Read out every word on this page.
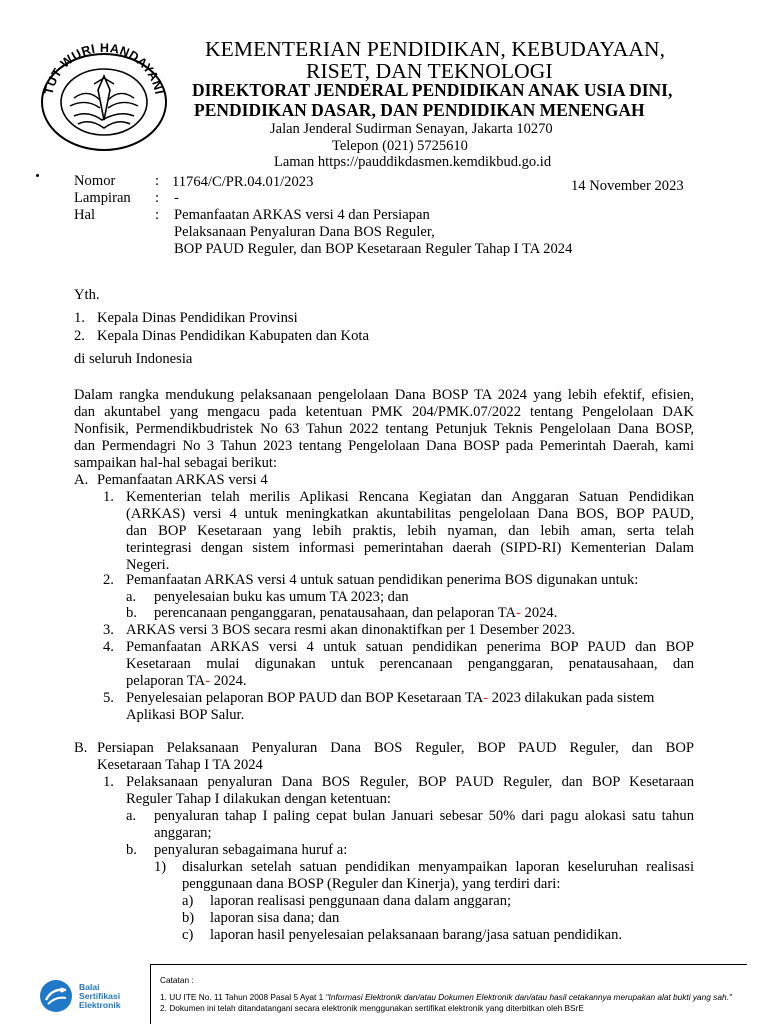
TUT WURI HANDAYANI
KEMENTERIAN PENDIDIKAN, KEBUDAYAAN,
RISET, DAN TEKNOLOGI
DIREKTORAT JENDERAL PENDIDIKAN ANAK USIA DINI,
PENDIDIKAN DASAR, DAN PENDIDIKAN MENENGAH
Jalan Jenderal Sudirman Senayan, Jakarta 10270
Telepon (021) 5725610
Laman https://pauddikdasmen.kemdikbud.go.id
Nomor	: 11764/C/PR.04.01/2023	14 November 2023
Lampiran : -
Hal	: Pemanfaatan ARKAS versi 4 dan Persiapan
Pelaksanaan Penyaluran Dana BOS Reguler,
BOP PAUD Reguler, dan BOP Kesetaraan Reguler Tahap I TA 2024
Yth.
1. Kepala Dinas Pendidikan Provinsi
2. Kepala Dinas Pendidikan Kabupaten dan Kota
di seluruh Indonesia
Dalam rangka mendukung pelaksanaan pengelolaan Dana BOSP TA 2024 yang lebih efektif, efisien,
dan akuntabel yang mengacu pada ketentuan PMK 204/PMK.07/2022 tentang Pengelolaan DAK
Nonfisik, Permendikbudristek No 63 Tahun 2022 tentang Petunjuk Teknis Pengelolaan Dana BOSP,
dan Permendagri No 3 Tahun 2023 tentang Pengelolaan Dana BOSP pada Pemerintah Daerah, kami
sampaikan hal-hal sebagai berikut:
A. Pemanfaatan ARKAS versi 4
1. Kementerian telah merilis Aplikasi Rencana Kegiatan dan Anggaran Satuan Pendidikan
(ARKAS) versi 4 untuk meningkatkan akuntabilitas pengelolaan Dana BOS, BOP PAUD,
dan BOP Kesetaraan yang lebih praktis, lebih nyaman, dan lebih aman, serta telah
terintegrasi dengan sistem informasi pemerintahan daerah (SIPD-RI) Kementerian Dalam
Negeri.
2. Pemanfaatan ARKAS versi 4 untuk satuan pendidikan penerima BOS digunakan untuk:
a. penyelesaian buku kas umum TA 2023; dan
b. perencanaan penganggaran, penatausahaan, dan pelaporan TA- 2024.
3. ARKAS versi 3 BOS secara resmi akan dinonaktifkan per 1 Desember 2023.
4. Pemanfaatan ARKAS versi 4 untuk satuan pendidikan penerima BOP PAUD dan BOP
Kesetaraan mulai digunakan untuk perencanaan penganggaran, penatausahaan, dan
pelaporan TA- 2024.
5. Penyelesaian pelaporan BOP PAUD dan BOP Kesetaraan TA- 2023 dilakukan pada sistem
Aplikasi BOP Salur.
B. Persiapan Pelaksanaan Penyaluran Dana BOS Reguler, BOP PAUD Reguler, dan BOP
Kesetaraan Tahap I TA 2024
1. Pelaksanaan penyaluran Dana BOS Reguler, BOP PAUD Reguler, dan BOP Kesetaraan
Reguler Tahap I dilakukan dengan ketentuan:
a. penyaluran tahap I paling cepat bulan Januari sebesar 50% dari pagu alokasi satu tahun
anggaran;
b. penyaluran sebagaimana huruf a:
1) disalurkan setelah satuan pendidikan menyampaikan laporan keseluruhan realisasi
penggunaan dana BOSP (Reguler dan Kinerja), yang terdiri dari:
a) laporan realisasi penggunaan dana dalam anggaran;
b) laporan sisa dana; dan
c) laporan hasil penyelesaian pelaksanaan barang/jasa satuan pendidikan.
Balai
Sertifikasi
Elektronik
Catatan :
1. UU ITE No. 11 Tahun 2008 Pasal 5 Ayat 1 "Informasi Elektronik dan/atau Dokumen Elektronik dan/atau hasil cetakannya merupakan alat bukti yang sah."
2. Dokumen ini telah ditandatangani secara elektronik menggunakan sertifikat elektronik yang diterbitkan oleh BSrE
